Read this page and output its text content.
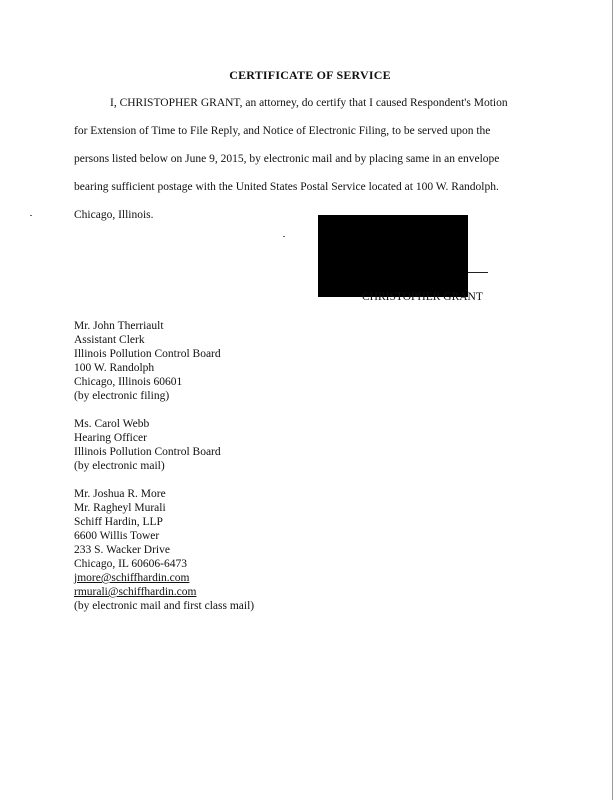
CERTIFICATE OF SERVICE
I, CHRISTOPHER GRANT, an attorney, do certify that I caused Respondent's Motion
for Extension of Time to File Reply, and Notice of Electronic Filing, to be served upon the
persons listed below on June 9, 2015, by electronic mail and by placing same in an envelope
bearing sufficient postage with the United States Postal Service located at 100 W. Randolph.
Chicago, Illinois.
CHRISTOPHER GRANT
Mr. John Therriault
Assistant Clerk
Illinois Pollution Control Board
100 W. Randolph
Chicago, Illinois 60601
(by electronic filing)
Ms. Carol Webb
Hearing Officer
Illinois Pollution Control Board
(by electronic mail)
Mr. Joshua R. More
Mr. Ragheyl Murali
Schiff Hardin, LLP
6600 Willis Tower
233 S. Wacker Drive
Chicago, IL 60606-6473
jmore@schiffhardin.com
rmurali@schiffhardin.com
(by electronic mail and first class mail)
